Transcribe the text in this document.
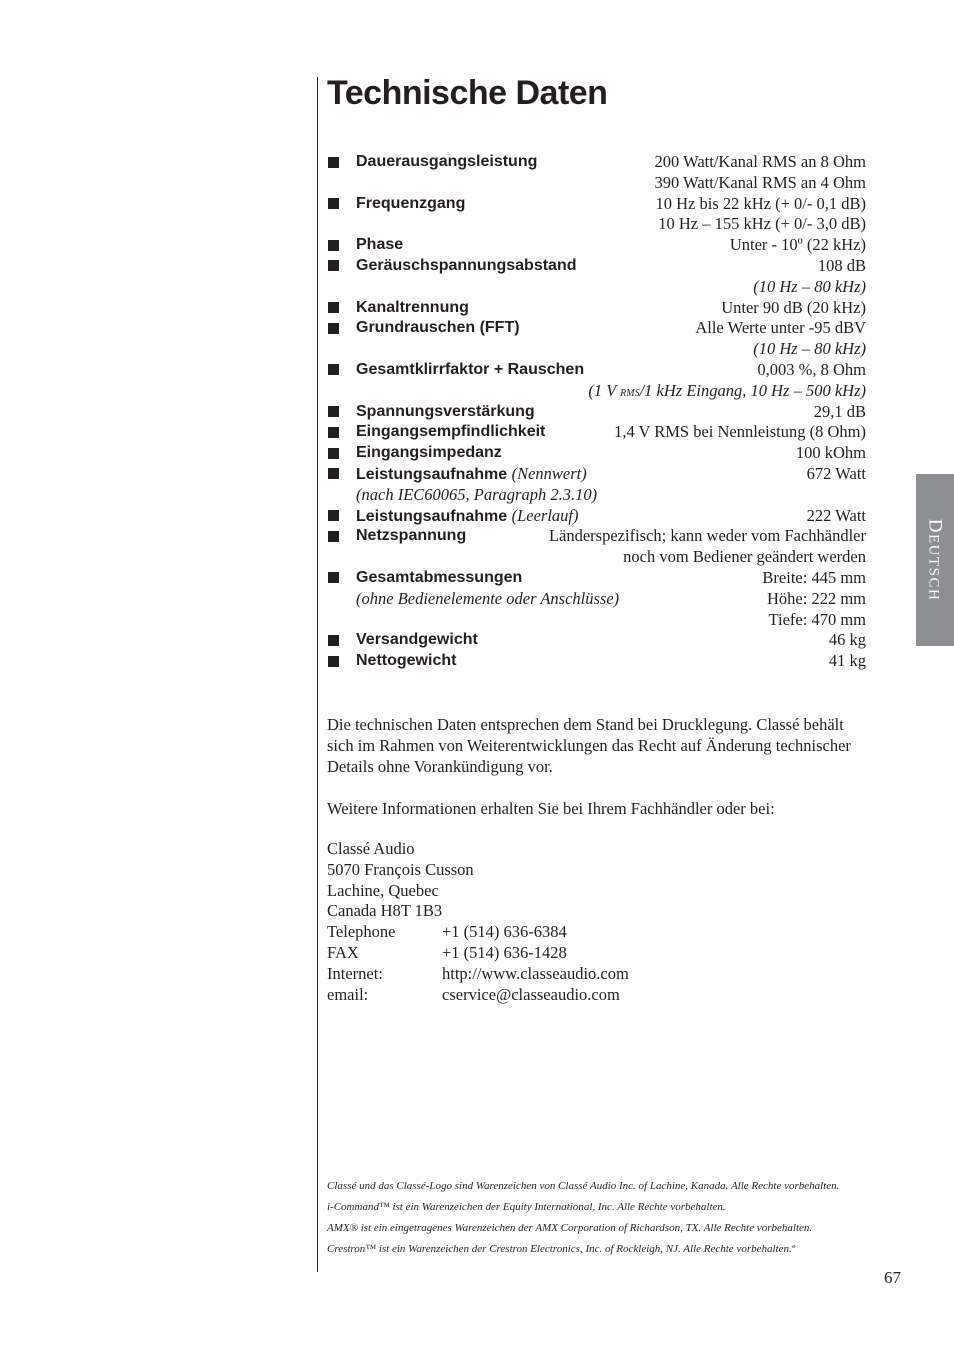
Technische Daten
Dauerausgangsleistung	200 Watt/Kanal RMS an 8 Ohm
390 Watt/Kanal RMS an 4 Ohm
Frequenzgang	10 Hz bis 22 kHz (+ 0/- 0,1 dB)
10 Hz – 155 kHz (+ 0/- 3,0 dB)
Phase	Unter - 10º (22 kHz)
Geräuschspannungsabstand	108 dB
(10 Hz – 80 kHz)
Kanaltrennung	Unter 90 dB (20 kHz)
Grundrauschen (FFT)	Alle Werte unter -95 dBV
(10 Hz – 80 kHz)
Gesamtklirrfaktor + Rauschen	0,003 %, 8 Ohm
(1 V RMS/1 kHz Eingang, 10 Hz – 500 kHz)
Spannungsverstärkung	29,1 dB
Eingangsempfindlichkeit	1,4 V RMS bei Nennleistung (8 Ohm)
Eingangsimpedanz	100 kOhm
Leistungsaufnahme (Nennwert)	672 Watt
(nach IEC60065, Paragraph 2.3.10)
Leistungsaufnahme (Leerlauf)	222 Watt
Netzspannung	Länderspezifisch; kann weder vom Fachhändler
noch vom Bediener geändert werden
Gesamtabmessungen	Breite: 445 mm
(ohne Bedienelemente oder Anschlüsse)	Höhe: 222 mm
Tiefe: 470 mm
Versandgewicht	46 kg
Nettogewicht	41 kg

Die technischen Daten entsprechen dem Stand bei Drucklegung. Classé behält sich im Rahmen von Weiterentwicklungen das Recht auf Änderung technischer Details ohne Vorankündigung vor.

Weitere Informationen erhalten Sie bei Ihrem Fachhändler oder bei:

Classé Audio
5070 François Cusson
Lachine, Quebec
Canada H8T 1B3
Telephone	+1 (514) 636-6384
FAX	+1 (514) 636-1428
Internet:	http://www.classeaudio.com
email:	cservice@classeaudio.com
Classé und das Classé-Logo sind Warenzeichen von Classé Audio Inc. of Lachine, Kanada. Alle Rechte vorbehalten.
i-Command™ ist ein Warenzeichen der Equity International, Inc. Alle Rechte vorbehalten.
AMX® ist ein eingetragenes Warenzeichen der AMX Corporation of Richardson, TX. Alle Rechte vorbehalten.
Crestron™ ist ein Warenzeichen der Crestron Electronics, Inc. of Rockleigh, NJ. Alle Rechte vorbehalten.º
DEUTSCH
67
